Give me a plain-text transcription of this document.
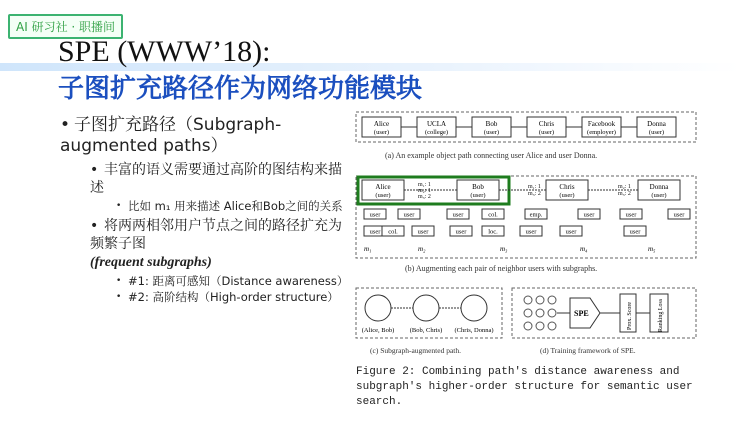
AI 研习社 · 职播间
SPE (WWW’18):
子图扩充路径作为网络功能模块
• 子图扩充路径（Subgraph-augmented paths）
• 丰富的语义需要通过高阶的图结构来描述
• 比如 m₁ 用来描述 Alice和Bob之间的关系
• 将两两相邻用户节点之间的路径扩充为频繁子图
(frequent subgraphs)
• #1: 距离可感知（Distance awareness）
• #2: 高阶结构（High-order structure）
Alice
(user)
UCLA
(college)
Bob
(user)
Chris
(user)
Facebook
(employer)
Donna
(user)
(a) An example object path connecting user Alice and user Donna.
Alice
(user)
Bob
(user)
Chris
(user)
Donna
(user)
m₁: 1
m₂: 1
m₃: 2
m₁: 1
m₃: 2
m₂: 1
m₃: 2
user	user	user	col.	emp.	user	user	user
user col.	user	user	loc.	user	user	user
m₁	m₂	m₃	m₄	m₅
(b) Augmenting each pair of neighbor users with subgraphs.
(Alice, Bob) (Bob, Chris) (Chris, Donna)
(c) Subgraph-augmented path.
SPE	Prox. Score	Ranking Loss
(d) Training framework of SPE.
Figure 2: Combining path's distance awareness and subgraph's higher-order structure for semantic user search.
